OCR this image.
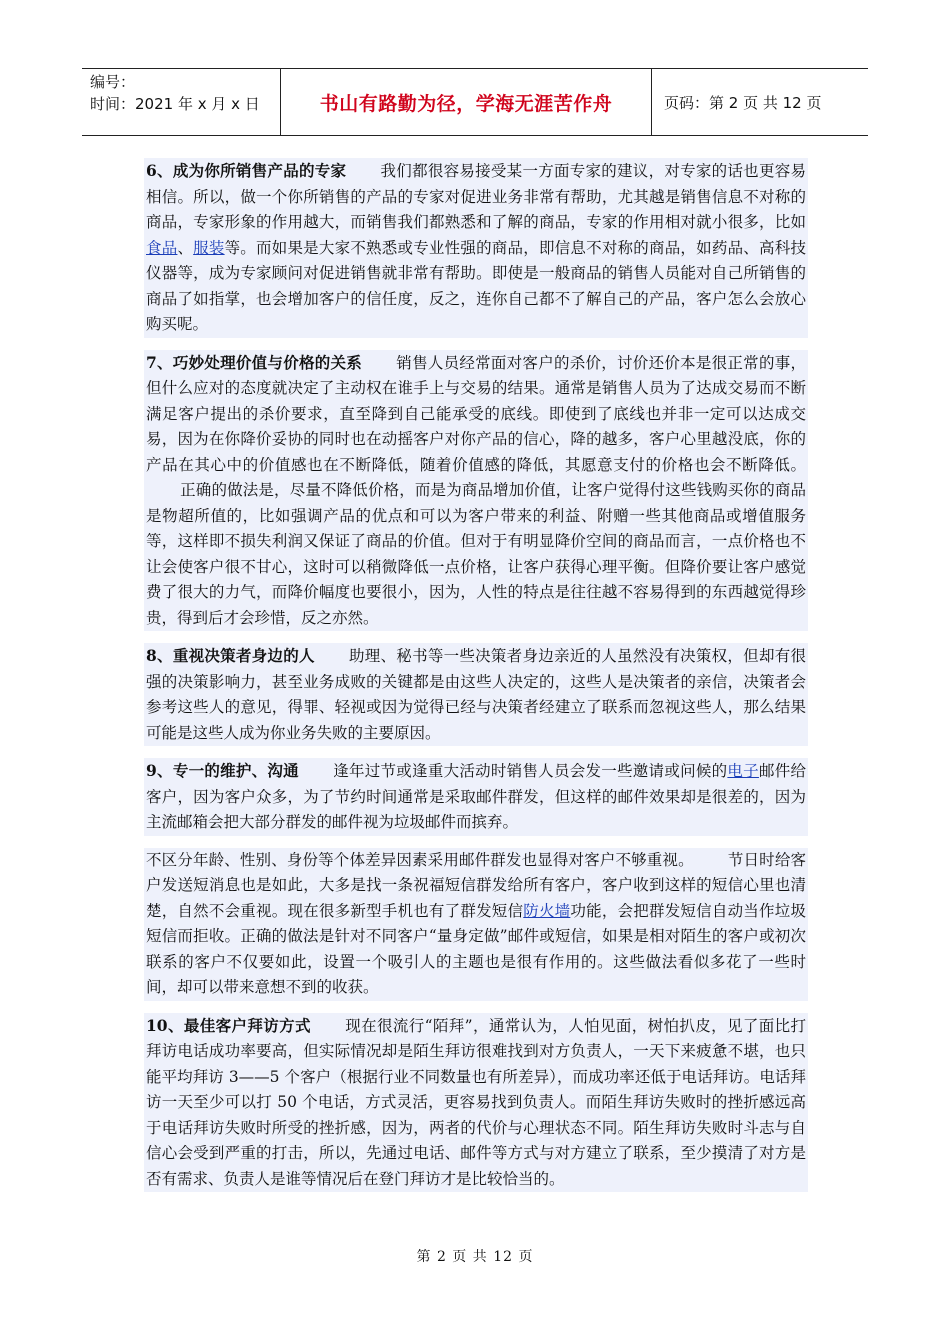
编号：
时间：2021 年 x 月 x 日	书山有路勤为径，学海无涯苦作舟	页码：第 2 页 共 12 页

6、成为你所销售产品的专家 我们都很容易接受某一方面专家的建议，对专家的话也更容易相信。所以，做一个你所销售的产品的专家对促进业务非常有帮助，尤其越是销售信息不对称的商品，专家形象的作用越大，而销售我们都熟悉和了解的商品，专家的作用相对就小很多，比如食品、服装等。而如果是大家不熟悉或专业性强的商品，即信息不对称的商品，如药品、高科技仪器等，成为专家顾问对促进销售就非常有帮助。即使是一般商品的销售人员能对自己所销售的商品了如指掌，也会增加客户的信任度，反之，连你自己都不了解自己的产品，客户怎么会放心购买呢。

7、巧妙处理价值与价格的关系 销售人员经常面对客户的杀价，讨价还价本是很正常的事，但什么应对的态度就决定了主动权在谁手上与交易的结果。通常是销售人员为了达成交易而不断满足客户提出的杀价要求，直至降到自己能承受的底线。即使到了底线也并非一定可以达成交易，因为在你降价妥协的同时也在动摇客户对你产品的信心，降的越多，客户心里越没底，你的产品在其心中的价值感也在不断降低，随着价值感的降低，其愿意支付的价格也会不断降低。正确的做法是，尽量不降低价格，而是为商品增加价值，让客户觉得付这些钱购买你的商品是物超所值的，比如强调产品的优点和可以为客户带来的利益、附赠一些其他商品或增值服务等，这样即不损失利润又保证了商品的价值。但对于有明显降价空间的商品而言，一点价格也不让会使客户很不甘心，这时可以稍微降低一点价格，让客户获得心理平衡。但降价要让客户感觉费了很大的力气，而降价幅度也要很小，因为，人性的特点是往往越不容易得到的东西越觉得珍贵，得到后才会珍惜，反之亦然。

8、重视决策者身边的人 助理、秘书等一些决策者身边亲近的人虽然没有决策权，但却有很强的决策影响力，甚至业务成败的关键都是由这些人决定的，这些人是决策者的亲信，决策者会参考这些人的意见，得罪、轻视或因为觉得已经与决策者经建立了联系而忽视这些人，那么结果可能是这些人成为你业务失败的主要原因。

9、专一的维护、沟通 逢年过节或逢重大活动时销售人员会发一些邀请或问候的电子邮件给客户，因为客户众多，为了节约时间通常是采取邮件群发，但这样的邮件效果却是很差的，因为主流邮箱会把大部分群发的邮件视为垃圾邮件而摈弃。

不区分年龄、性别、身份等个体差异因素采用邮件群发也显得对客户不够重视。 节日时给客户发送短消息也是如此，大多是找一条祝福短信群发给所有客户，客户收到这样的短信心里也清楚，自然不会重视。现在很多新型手机也有了群发短信防火墙功能，会把群发短信自动当作垃圾短信而拒收。正确的做法是针对不同客户“量身定做”邮件或短信，如果是相对陌生的客户或初次联系的客户不仅要如此，设置一个吸引人的主题也是很有作用的。这些做法看似多花了一些时间，却可以带来意想不到的收获。

10、最佳客户拜访方式 现在很流行“陌拜”，通常认为，人怕见面，树怕扒皮，见了面比打拜访电话成功率要高，但实际情况却是陌生拜访很难找到对方负责人，一天下来疲惫不堪，也只能平均拜访 3——5 个客户（根据行业不同数量也有所差异），而成功率还低于电话拜访。电话拜访一天至少可以打 50 个电话，方式灵活，更容易找到负责人。而陌生拜访失败时的挫折感远高于电话拜访失败时所受的挫折感，因为，两者的代价与心理状态不同。陌生拜访失败时斗志与自信心会受到严重的打击，所以，先通过电话、邮件等方式与对方建立了联系，至少摸清了对方是否有需求、负责人是谁等情况后在登门拜访才是比较恰当的。

第 2 页 共 12 页
